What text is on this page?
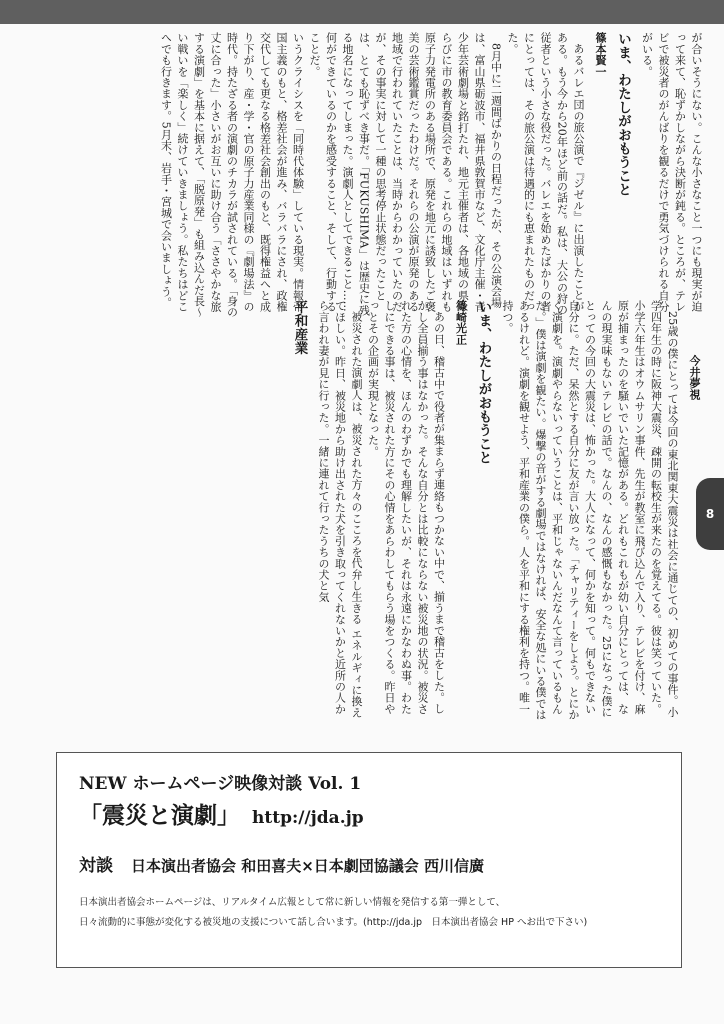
8

が合いそうにない。こんな小さなこと一つにも現実が迫って来て、恥ずかしながら決断が鈍る。ところが、テレビで被災者のがんばりを観るだけで勇気づけられる自分がいる。

いま、わたしがおもうこと
篠本賢一

あるバレエ団の旅公演で『ジゼル』に出演したことがある。もう今から20年ほど前の話だ。私は、大公の狩の従者という小さな役だった。バレエを始めたばかりの者にとっては、その旅公演は待遇的にも恵まれたものだった。

8月中に二週間ばかりの日程だったが、その公演会場は、富山県砺波市、福井県敦賀市など、文化庁主催・青少年芸術劇場と銘打たれ、地元主催者は、各地域の県ならびに市の教育委員会である。これらの地域はいずれも原子力発電所のある場所で、原発を地元に誘致したご褒美の芸術鑑賞だったわけだ。それらの公演が原発のある地域で行われていたことは、当時からわかっていたのだが、その事実に対して一種の思考停止状態だったことは、とても恥ずべき事だ。「FUKUSHIMA」は歴史に残る地名になってしまった。演劇人としてできること……何ができているのかを感受すること、そして、行動することだ。

いうクライシスを「同時代体験」している現実。情報帝国主義のもと、格差社会が進み、バラバラにされ、政権交代しても更なる格差社会創出のもと、既得権益へと成り下がり、産・学・官の原子力産業同様の『劇場法』の時代。持たざる者の演劇のチカラが試されている。「身の丈に合った」小さいがお互いに助け合う「ささやかな旅する演劇」を基本に据えて、「脱原発」も組み込んだ長～い戦いを「楽しく」続けていきましょう。私たちはどこへでも行きます。5月末、岩手・宮城で会いましょう。

今井夢視

25歳の僕にとっては今回の東北関東大震災は社会に通じての、初めての事件。小学四年生の時に阪神大震災、疎開の転校生が来たのを覚えてる。彼は笑っていた。小学六年生はオウムサリン事件、先生が教室に飛び込んで入り、テレビを付け、麻原が捕まったのを騒いでいた記憶がある。どれもこれもが幼い自分にとっては、なんの現実味もないテレビの話で。なんの、なんの感慨もなかった。25になった僕にとっての今回の大震災は、怖かった。大人になって、何かを知って。何もできない自分に。ただ、呆然とする自分に友が言い放った。「チャリティーをしよう。とにかく演劇を。演劇やらないっていうことは、平和じゃないんだなんて言っているもんだ。」僕は演劇を観たい。爆撃の音がする劇場ではなければ、安全な処にいる僕ではあるけれど。演劇を観せよう、平和産業の僕ら。人を平和にする権利を持つ。唯一持つ。

いま、わたしがおもうこと
篠崎光正

あの日、稽古中で役者が集まらず連絡もつかない中で、揃うまで稽古をした。しかし全員揃う事はなかった。そんな自分とは比較にならない被災地の状況。被災された方の心情を、ほんのわずかでも理解したいが、それは永遠にかなわぬ事。わたしにできる事は、被災された方にその心情をあらわしてもらう場をつくる。昨日やっとその企画が実現となった。

被災された演劇人は、被災された方々のこころを代弁し生きる エネルギィに換えてほしい。昨日、被災地から助け出された犬を引き取ってくれないかと近所の人から言われ妻が見に行った。一緒に連れて行ったうちの犬と気

平和産業
NEW ホームページ映像対談 Vol. 1
「震災と演劇」 http://jda.jp
対談 日本演出者協会 和田喜夫×日本劇団協議会 西川信廣
日本演出者協会ホームページは、リアルタイム広報として常に新しい情報を発信する第一弾として、
日々流動的に事態が変化する被災地の支援について話し合います。(http://jda.jp　日本演出者協会 HP へお出で下さい)
